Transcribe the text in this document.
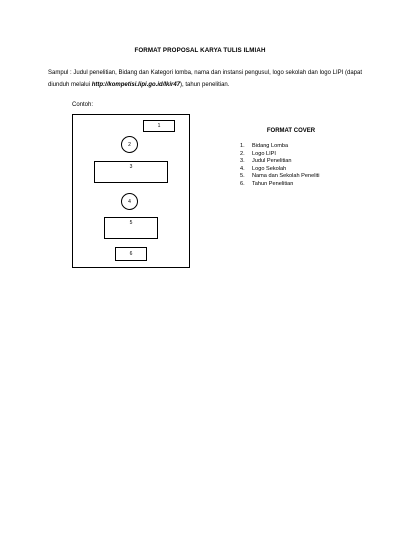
FORMAT PROPOSAL KARYA TULIS ILMIAH
Sampul : Judul penelitian, Bidang dan Kategori lomba, nama dan instansi pengusul, logo sekolah dan logo LIPI (dapat diunduh melalui http://kompetisi.lipi.go.id/lkir47), tahun penelitian.
Contoh:
1
2
3
4
5
6
FORMAT COVER
1.	Bidang Lomba
2.	Logo LIPI
3.	Judul Penelitian
4.	Logo Sekolah
5.	Nama dan Sekolah Peneliti
6.	Tahun Penelitian
